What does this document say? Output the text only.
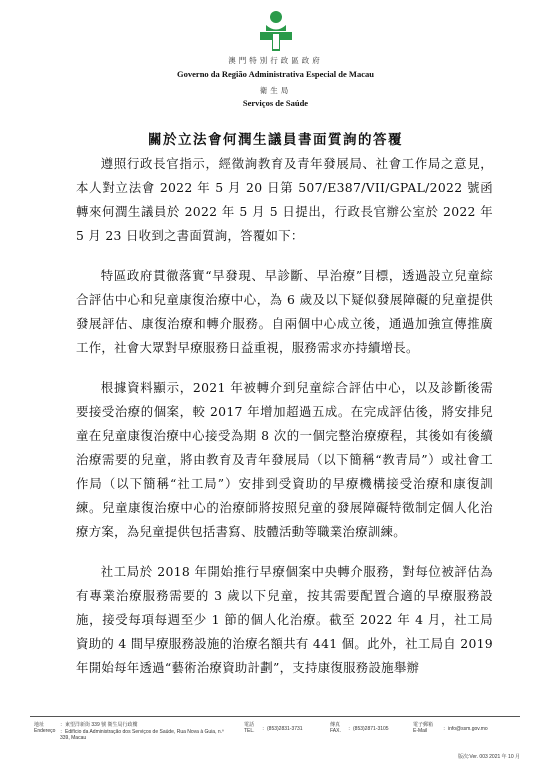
澳門特別行政區政府
Governo da Região Administrativa Especial de Macau
衛生局
Serviços de Saúde
關於立法會何潤生議員書面質詢的答覆

遵照行政長官指示，經徵詢教育及青年發展局、社會工作局之意見，本人對立法會 2022 年 5 月 20 日第 507/E387/VII/GPAL/2022 號函轉來何潤生議員於 2022 年 5 月 5 日提出，行政長官辦公室於 2022 年 5 月 23 日收到之書面質詢，答覆如下：

特區政府貫徹落實“早發現、早診斷、早治療”目標，透過設立兒童綜合評估中心和兒童康復治療中心，為 6 歲及以下疑似發展障礙的兒童提供發展評估、康復治療和轉介服務。自兩個中心成立後，通過加強宣傳推廣工作，社會大眾對早療服務日益重視，服務需求亦持續增長。

根據資料顯示，2021 年被轉介到兒童綜合評估中心，以及診斷後需要接受治療的個案，較 2017 年增加超過五成。在完成評估後，將安排兒童在兒童康復治療中心接受為期 8 次的一個完整治療療程，其後如有後續治療需要的兒童，將由教育及青年發展局（以下簡稱“教青局”）或社會工作局（以下簡稱“社工局”）安排到受資助的早療機構接受治療和康復訓練。兒童康復治療中心的治療師將按照兒童的發展障礙特徵制定個人化治療方案，為兒童提供包括書寫、肢體活動等職業治療訓練。

社工局於 2018 年開始推行早療個案中央轉介服務，對每位被評估為有專業治療服務需要的 3 歲以下兒童，按其需要配置合適的早療服務設施，接受每項每週至少 1 節的個人化治療。截至 2022 年 4 月，社工局資助的 4 間早療服務設施的治療名額共有 441 個。此外，社工局自 2019 年開始每年透過“藝術治療資助計劃”，支持康復服務設施舉辦

地址
Endereço
：東望洋新街 339 號 衛生局行政樓
：Edifício da Administração dos Serviços de Saúde, Rua Nova à Guia, n.º 339, Macau
電話
TEL. ：(853)2831-3731
傳真
FAX. ：(853)2871-3105
電子郵箱
E-Mail	：info@ssm.gov.mo
版次:Ver. 003 2021 年 10 月
